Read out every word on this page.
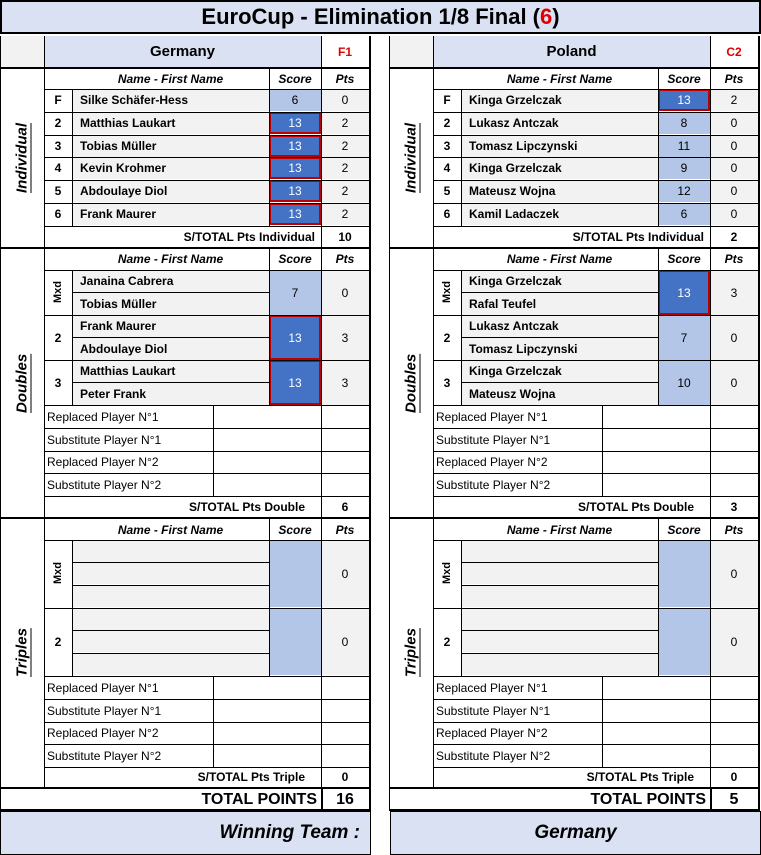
EuroCup - Elimination 1/8 Final ( 6 )
Germany	F1
Name - First Name	Score	Pts
Individual
F	Silke Schäfer-Hess	6	0
2	Matthias Laukart	13	2
3	Tobias Müller	13	2
4	Kevin Krohmer	13	2
5	Abdoulaye Diol	13	2
6	Frank Maurer	13	2
S/TOTAL Pts Individual	10
Name - First Name	Score	Pts
Doubles
Mxd
Janaina Cabrera
Tobias Müller
7	0
2
Frank Maurer
Abdoulaye Diol
13	3
3
Matthias Laukart
Peter Frank
13	3
Replaced Player N°1
Substitute Player N°1
Replaced Player N°2
Substitute Player N°2
S/TOTAL Pts Double	6
Name - First Name	Score	Pts
Triples
Mxd	0
2	0
Replaced Player N°1
Substitute Player N°1
Replaced Player N°2
Substitute Player N°2
S/TOTAL Pts Triple	0
TOTAL POINTS	16
Poland	C2
Name - First Name	Score	Pts
Individual
F	Kinga Grzelczak	13	2
2	Lukasz Antczak	8	0
3	Tomasz Lipczynski	11	0
4	Kinga Grzelczak	9	0
5	Mateusz Wojna	12	0
6	Kamil Ladaczek	6	0
S/TOTAL Pts Individual	2
Name - First Name	Score	Pts
Doubles
Mxd
Kinga Grzelczak
Rafal Teufel
13	3
2
Lukasz Antczak
Tomasz Lipczynski
7	0
3
Kinga Grzelczak
Mateusz Wojna
10	0
Replaced Player N°1
Substitute Player N°1
Replaced Player N°2
Substitute Player N°2
S/TOTAL Pts Double	3
Name - First Name	Score	Pts
Triples
Mxd	0
2	0
Replaced Player N°1
Substitute Player N°1
Replaced Player N°2
Substitute Player N°2
S/TOTAL Pts Triple	0
TOTAL POINTS	5
Winning Team :	Germany
